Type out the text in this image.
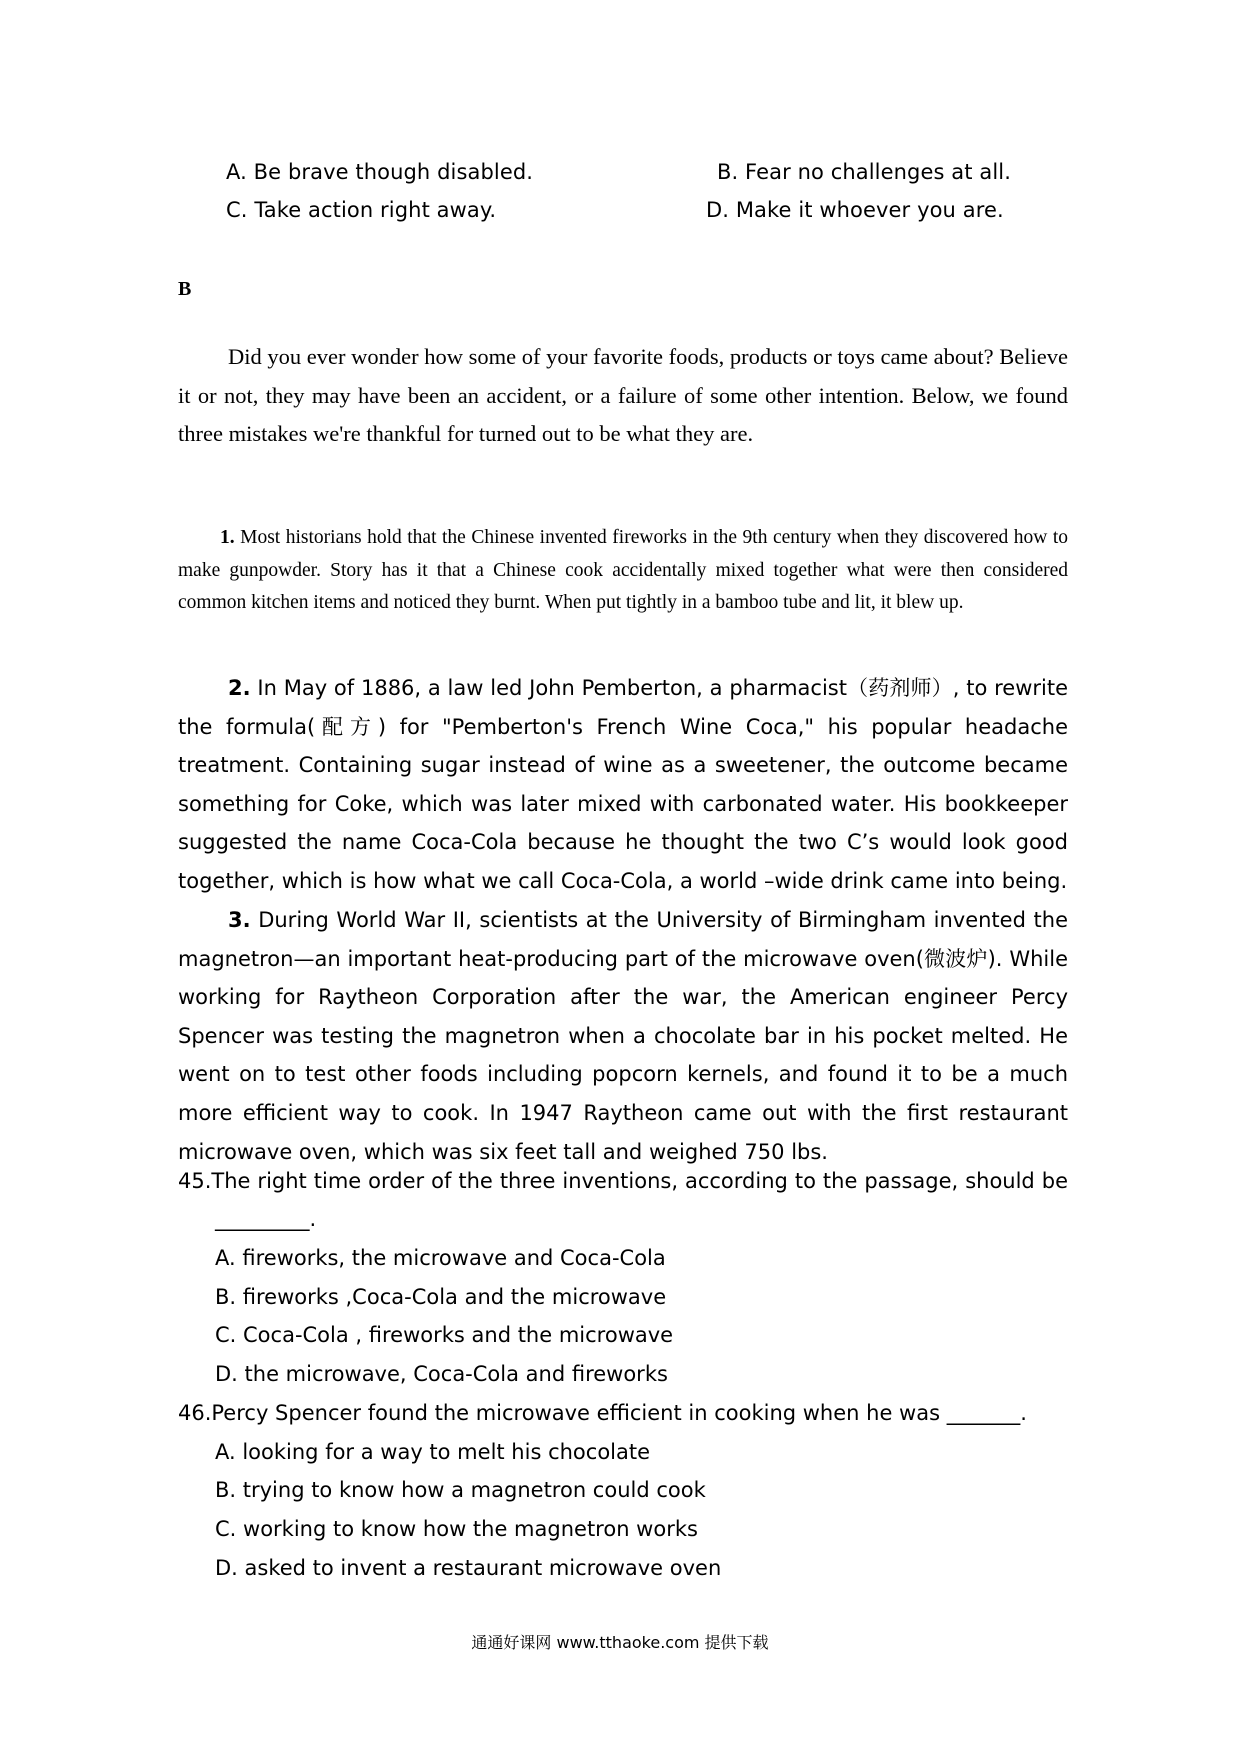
A. Be brave though disabled.	B. Fear no challenges at all.
C. Take action right away.	D. Make it whoever you are.
B
Did you ever wonder how some of your favorite foods, products or toys came about? Believe it or not, they may have been an accident, or a failure of some other intention. Below, we found three mistakes we're thankful for turned out to be what they are.
1. Most historians hold that the Chinese invented fireworks in the 9th century when they discovered how to make gunpowder. Story has it that a Chinese cook accidentally mixed together what were then considered common kitchen items and noticed they burnt. When put tightly in a bamboo tube and lit, it blew up.
2. In May of 1886, a law led John Pemberton, a pharmacist（药剂师）, to rewrite the formula(配方) for "Pemberton's French Wine Coca," his popular headache treatment. Containing sugar instead of wine as a sweetener, the outcome became something for Coke, which was later mixed with carbonated water. His bookkeeper suggested the name Coca-Cola because he thought the two C’s would look good together, which is how what we call Coca-Cola, a world –wide drink came into being.
3. During World War II, scientists at the University of Birmingham invented the magnetron—an important heat-producing part of the microwave oven(微波炉). While working for Raytheon Corporation after the war, the American engineer Percy Spencer was testing the magnetron when a chocolate bar in his pocket melted. He went on to test other foods including popcorn kernels, and found it to be a much more efficient way to cook. In 1947 Raytheon came out with the first restaurant microwave oven, which was six feet tall and weighed 750 lbs.
45.The right time order of the three inventions, according to the passage, should be
_________.
A. fireworks, the microwave and Coca-Cola
B. fireworks ,Coca-Cola and the microwave
C. Coca-Cola , fireworks and the microwave
D. the microwave, Coca-Cola and fireworks
46.Percy Spencer found the microwave efficient in cooking when he was _______.
A. looking for a way to melt his chocolate
B. trying to know how a magnetron could cook
C. working to know how the magnetron works
D. asked to invent a restaurant microwave oven
通通好课网 www.tthaoke.com 提供下载
